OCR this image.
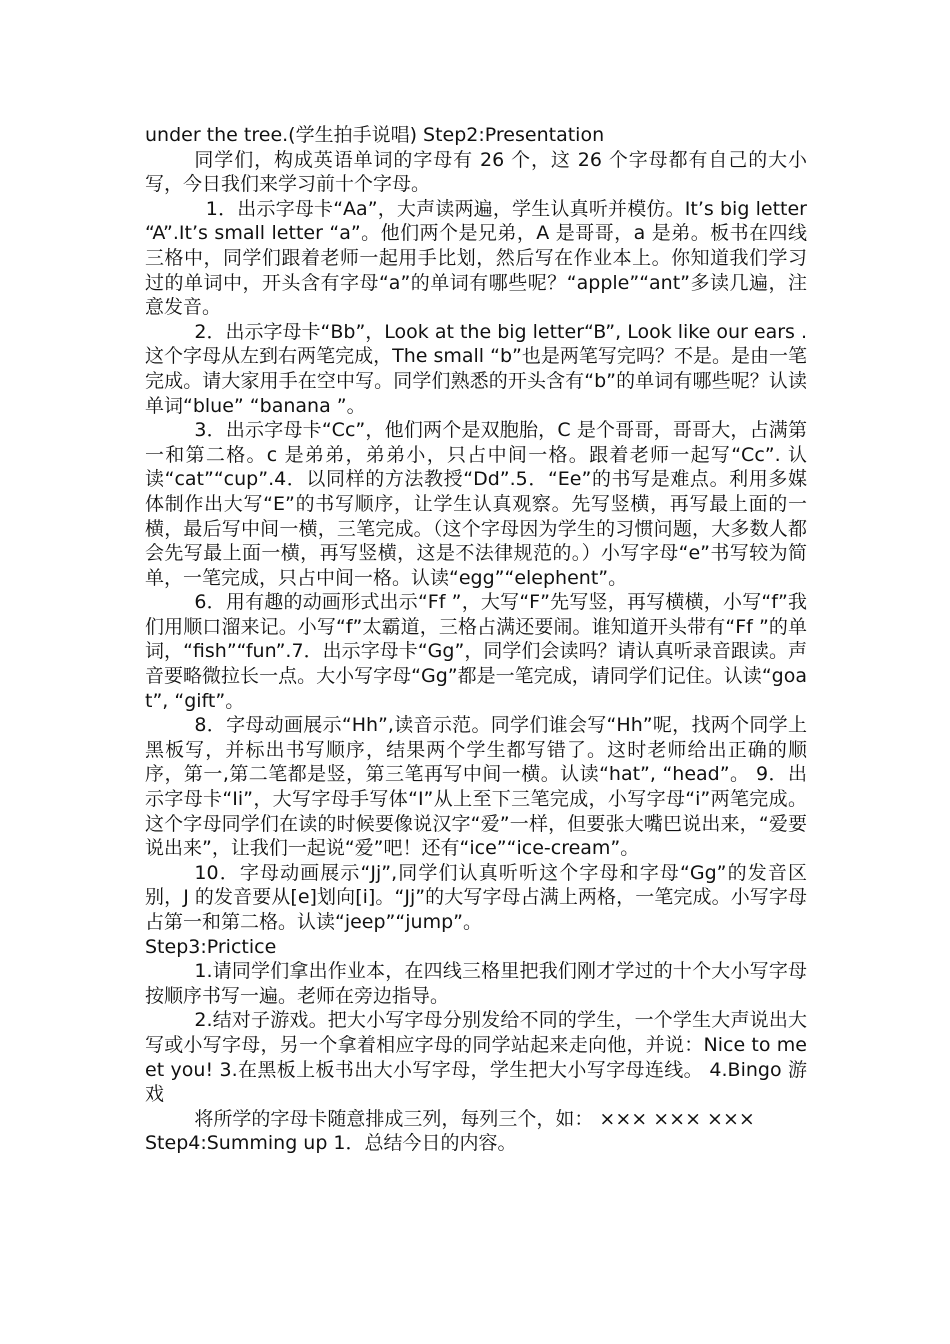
under the tree.(学生拍手说唱) Step2:Presentation

同学们，构成英语单词的字母有 26 个，这 26 个字母都有自己的大小写，今日我们来学习前十个字母。

1．出示字母卡“Aa”，大声读两遍，学生认真听并模仿。It’s big letter “A”.It’s small letter “a”。他们两个是兄弟，A 是哥哥，a 是弟。板书在四线三格中，同学们跟着老师一起用手比划，然后写在作业本上。你知道我们学习过的单词中，开头含有字母“a”的单词有哪些呢？“apple”“ant”多读几遍，注意发音。

2．出示字母卡“Bb”，Look at the big letter“B”, Look like our ears .这个字母从左到右两笔完成，The small “b”也是两笔写完吗？不是。是由一笔完成。请大家用手在空中写。同学们熟悉的开头含有“b”的单词有哪些呢？认读单词“blue” “banana ”。

3．出示字母卡“Cc”，他们两个是双胞胎，C 是个哥哥，哥哥大，占满第一和第二格。c 是弟弟，弟弟小，只占中间一格。跟着老师一起写“Cc”. 认读“cat”“cup”.4．以同样的方法教授“Dd”.5．“Ee”的书写是难点。利用多媒体制作出大写“E”的书写顺序，让学生认真观察。先写竖横，再写最上面的一横，最后写中间一横，三笔完成。（这个字母因为学生的习惯问题，大多数人都会先写最上面一横，再写竖横，这是不法律规范的。）小写字母“e”书写较为简单，一笔完成，只占中间一格。认读“egg”“elephent”。

6．用有趣的动画形式出示“Ff ”，大写“F”先写竖，再写横横，小写“f”我们用顺口溜来记。小写“f”太霸道，三格占满还要闹。谁知道开头带有“Ff ”的单词，“fish”“fun”.7．出示字母卡“Gg”，同学们会读吗？请认真听录音跟读。声音要略微拉长一点。大小写字母“Gg”都是一笔完成，请同学们记住。认读“goat”, “gift”。

8．字母动画展示“Hh”,读音示范。同学们谁会写“Hh”呢，找两个同学上黑板写，并标出书写顺序，结果两个学生都写错了。这时老师给出正确的顺序，第一,第二笔都是竖，第三笔再写中间一横。认读“hat”, “head”。 9．出示字母卡“Ii”，大写字母手写体“I”从上至下三笔完成，小写字母“i”两笔完成。这个字母同学们在读的时候要像说汉字“爱”一样，但要张大嘴巴说出来，“爱要说出来”，让我们一起说“爱”吧！还有“ice”“ice-cream”。

10．字母动画展示“Jj”,同学们认真听听这个字母和字母“Gg”的发音区别，J 的发音要从[e]划向[i]。“Jj”的大写字母占满上两格，一笔完成。小写字母占第一和第二格。认读“jeep”“jump”。

Step3:Prictice

1.请同学们拿出作业本，在四线三格里把我们刚才学过的十个大小写字母按顺序书写一遍。老师在旁边指导。

2.结对子游戏。把大小写字母分别发给不同的学生，一个学生大声说出大写或小写字母，另一个拿着相应字母的同学站起来走向他，并说：Nice to meet you! 3.在黑板上板书出大小写字母，学生把大小写字母连线。 4.Bingo 游戏

将所学的字母卡随意排成三列，每列三个，如： ××× ××× ×××

Step4:Summing up 1．总结今日的内容。
